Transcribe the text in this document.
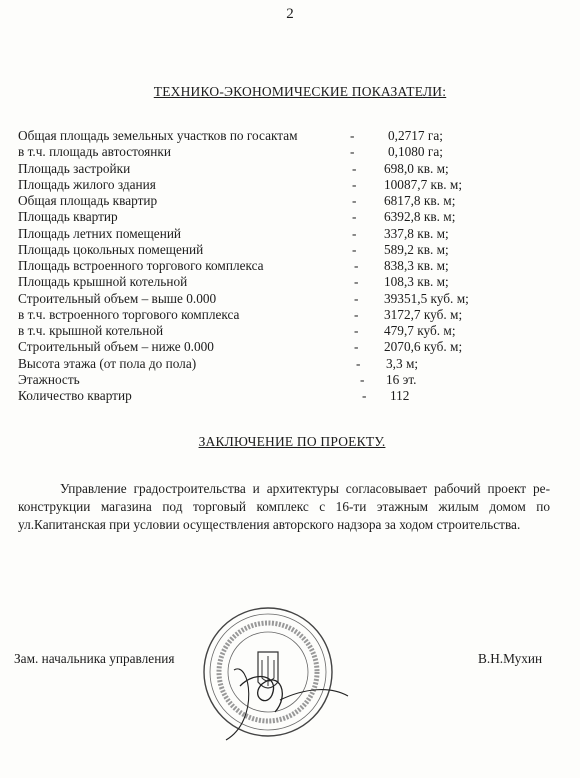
2
ТЕХНИКО-ЭКОНОМИЧЕСКИЕ ПОКАЗАТЕЛИ:
Общая площадь земельных участков по госактам	-	0,2717 га;
в т.ч. площадь автостоянки	-	0,1080 га;
Площадь застройки	- 698,0 кв. м;
Площадь жилого здания	- 10087,7 кв. м;
Общая площадь квартир	- 6817,8 кв. м;
Площадь квартир	- 6392,8 кв. м;
Площадь летних помещений	- 337,8 кв. м;
Площадь цокольных помещений	- 589,2 кв. м;
Площадь встроенного торгового комплекса	- 838,3 кв. м;
Площадь крышной котельной	- 108,3 кв. м;
Строительный объем – выше 0.000	- 39351,5 куб. м;
в т.ч. встроенного торгового комплекса	- 3172,7 куб. м;
в т.ч. крышной котельной	- 479,7 куб. м;
Строительный объем – ниже 0.000	- 2070,6 куб. м;
Высота этажа (от пола до пола)	- 3,3 м;
Этажность	- 16 эт.
Количество квартир	- 112
ЗАКЛЮЧЕНИЕ ПО ПРОЕКТУ.
Управление градостроительства и архитектуры согласовывает рабочий проект ре-
конструкции магазина под торговый комплекс с 16-ти этажным жилым домом по
ул.Капитанская при условии осуществления авторского надзора за ходом строительства.
Зам. начальника управления	В.Н.Мухин
